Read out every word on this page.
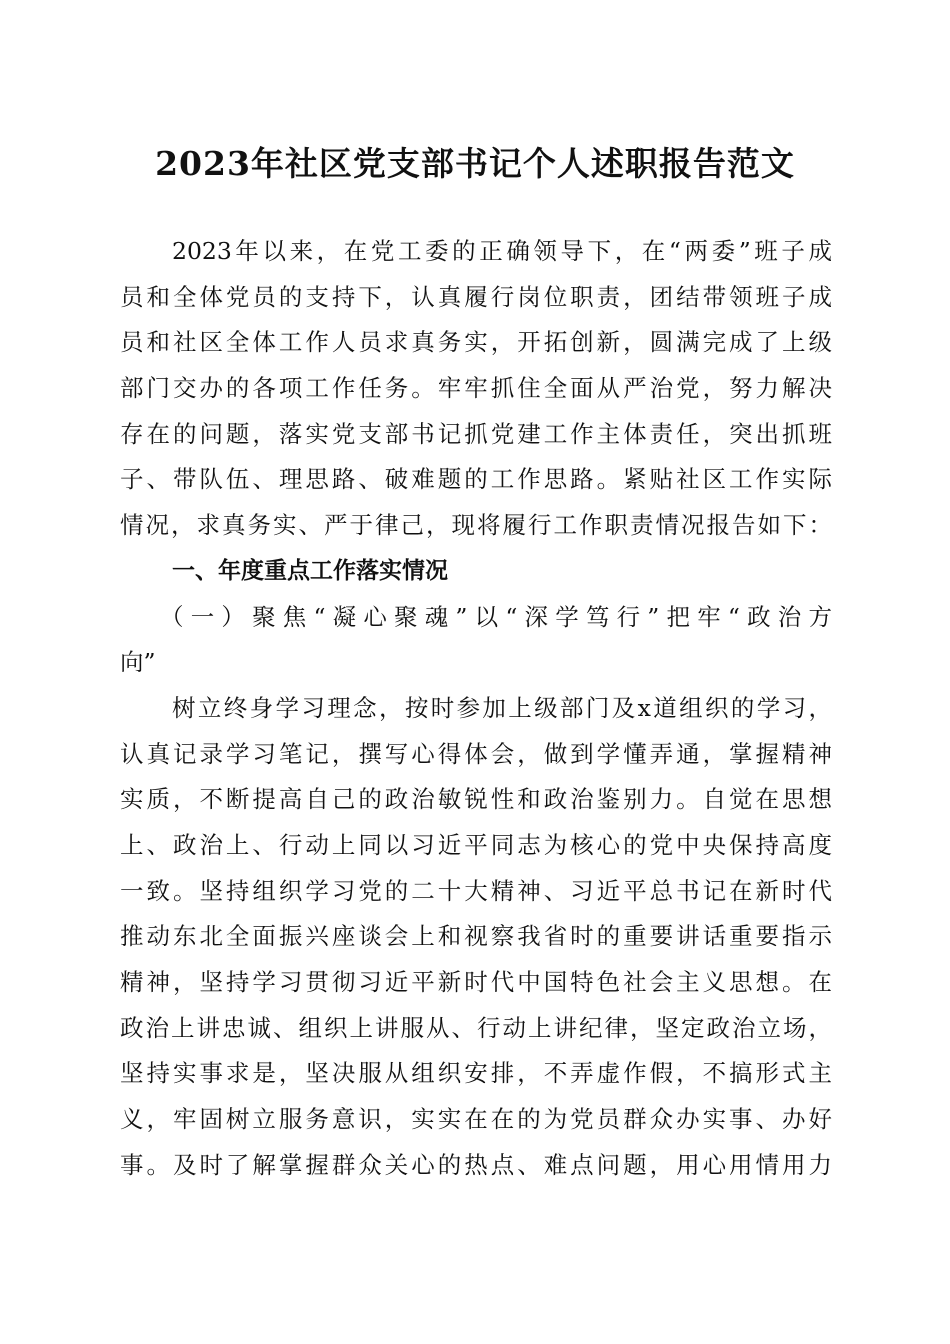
2023年社区党支部书记个人述职报告范文
2023年以来，在党工委的正确领导下，在“两委”班子成
员和全体党员的支持下，认真履行岗位职责，团结带领班子成
员和社区全体工作人员求真务实，开拓创新，圆满完成了上级
部门交办的各项工作任务。牢牢抓住全面从严治党，努力解决
存在的问题，落实党支部书记抓党建工作主体责任，突出抓班
子、带队伍、理思路、破难题的工作思路。紧贴社区工作实际
情况，求真务实、严于律己，现将履行工作职责情况报告如下：
一、年度重点工作落实情况
（一）聚焦“凝心聚魂”以“深学笃行”把牢“政治方
向”
树立终身学习理念，按时参加上级部门及x道组织的学习，
认真记录学习笔记，撰写心得体会，做到学懂弄通，掌握精神
实质，不断提高自己的政治敏锐性和政治鉴别力。自觉在思想
上、政治上、行动上同以习近平同志为核心的党中央保持高度
一致。坚持组织学习党的二十大精神、习近平总书记在新时代
推动东北全面振兴座谈会上和视察我省时的重要讲话重要指示
精神，坚持学习贯彻习近平新时代中国特色社会主义思想。在
政治上讲忠诚、组织上讲服从、行动上讲纪律，坚定政治立场，
坚持实事求是，坚决服从组织安排，不弄虚作假，不搞形式主
义，牢固树立服务意识，实实在在的为党员群众办实事、办好
事。及时了解掌握群众关心的热点、难点问题，用心用情用力
